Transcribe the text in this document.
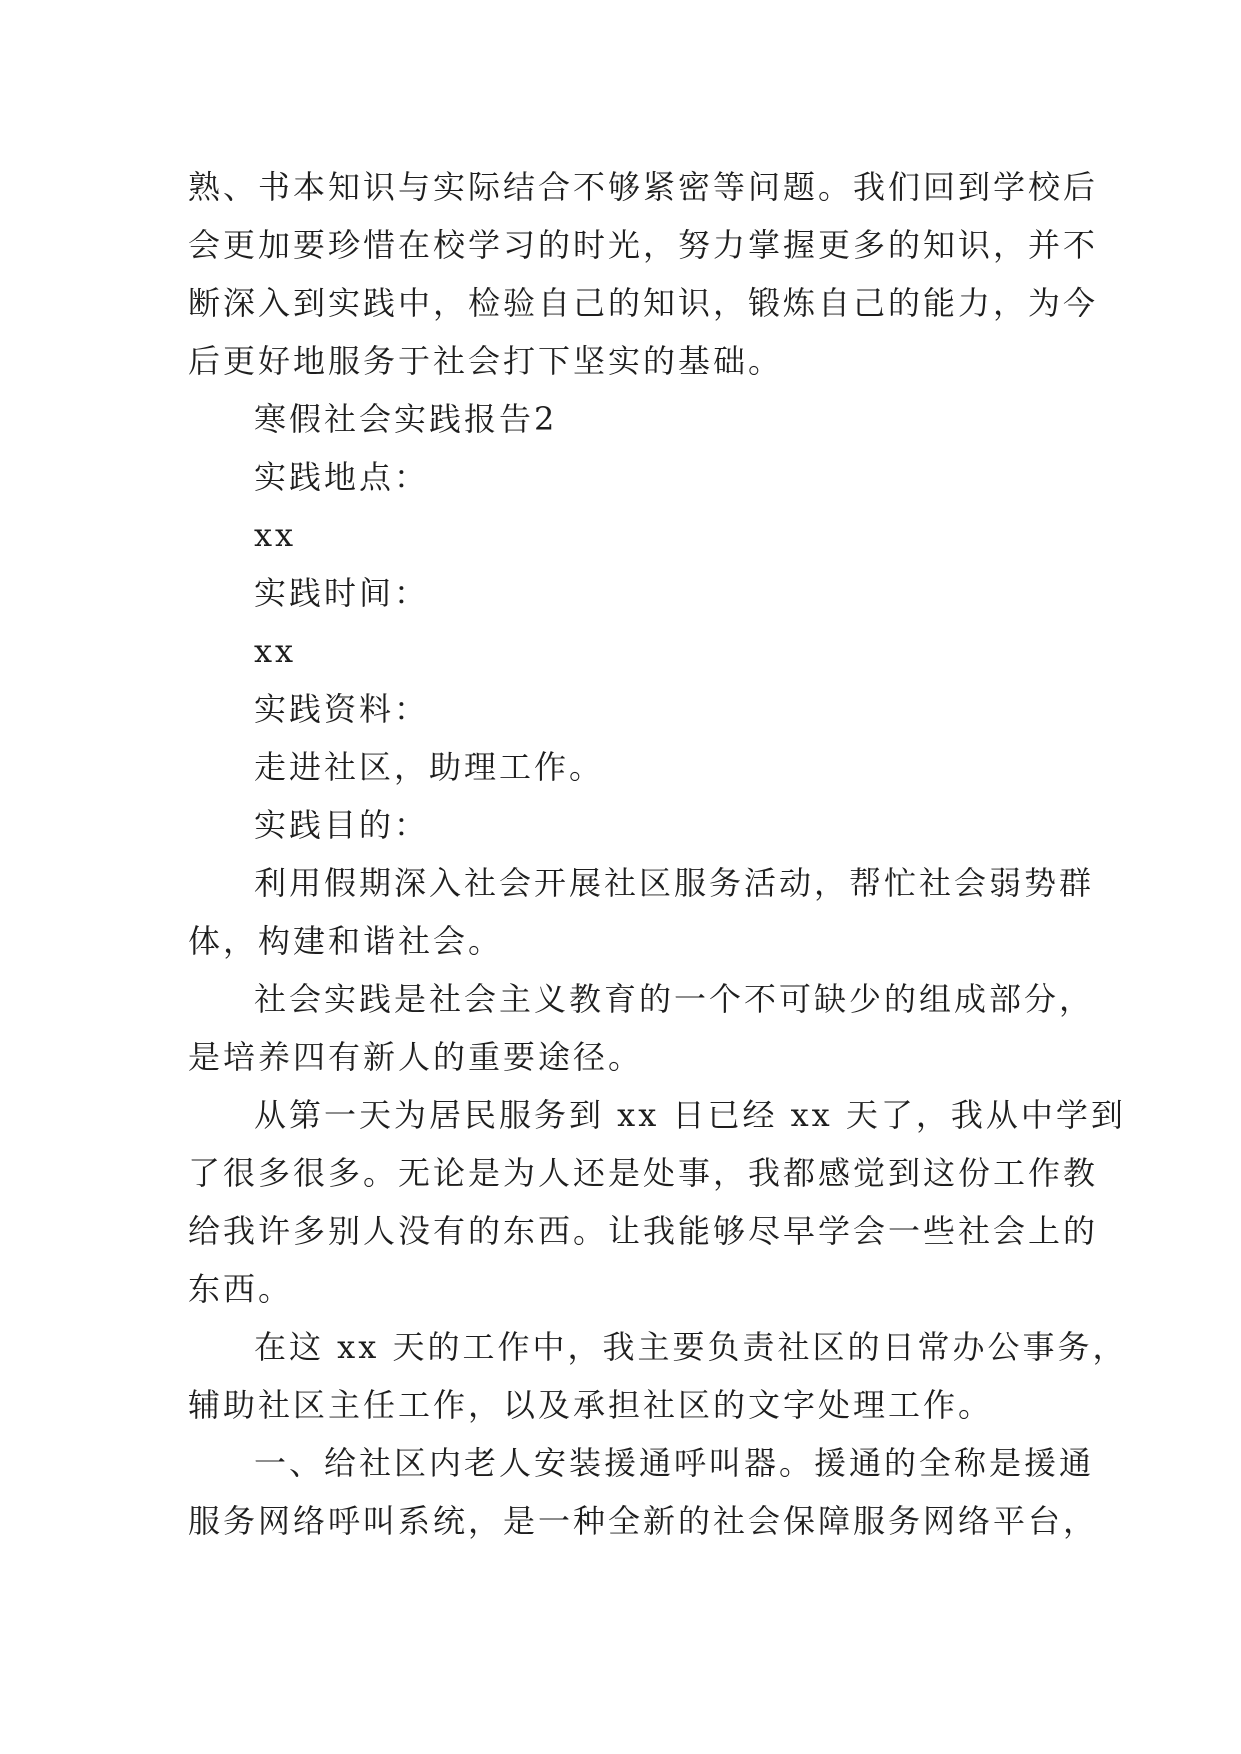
熟、书本知识与实际结合不够紧密等问题。我们回到学校后
会更加要珍惜在校学习的时光，努力掌握更多的知识，并不
断深入到实践中，检验自己的知识，锻炼自己的能力，为今
后更好地服务于社会打下坚实的基础。

寒假社会实践报告2

实践地点：

xx

实践时间：

xx

实践资料：

走进社区，助理工作。

实践目的：

利用假期深入社会开展社区服务活动，帮忙社会弱势群
体，构建和谐社会。

社会实践是社会主义教育的一个不可缺少的组成部分，
是培养四有新人的重要途径。

从第一天为居民服务到 xx 日已经 xx 天了，我从中学到
了很多很多。无论是为人还是处事，我都感觉到这份工作教
给我许多别人没有的东西。让我能够尽早学会一些社会上的
东西。

在这 xx 天的工作中，我主要负责社区的日常办公事务，
辅助社区主任工作，以及承担社区的文字处理工作。

一、给社区内老人安装援通呼叫器。援通的全称是援通
服务网络呼叫系统，是一种全新的社会保障服务网络平台，
